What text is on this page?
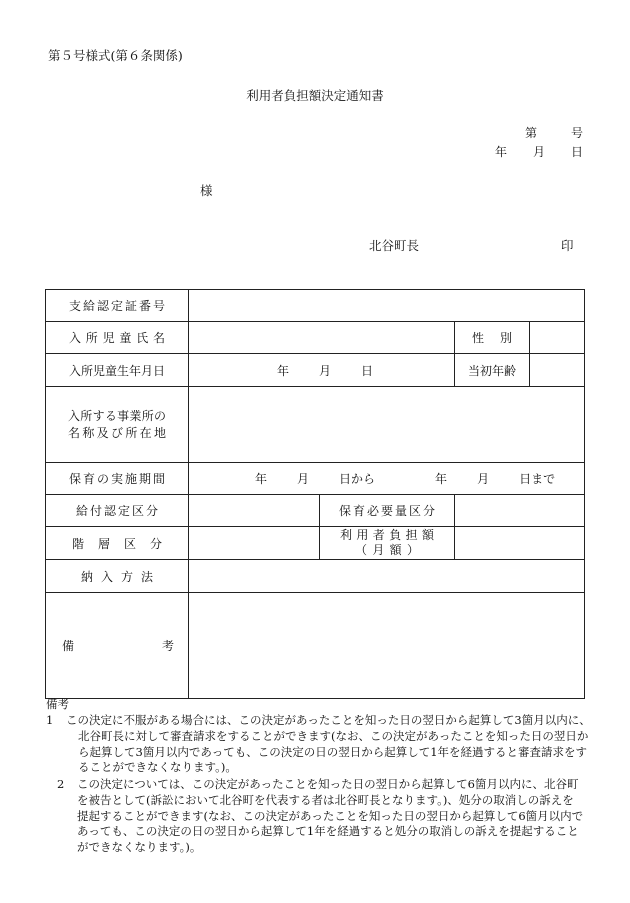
第５号様式(第６条関係)
利用者負担額決定通知書
第	号
年 月 日
様
北谷町長	印
支給認定証番号				
入所児童氏名			性　別	
入所児童生年月日	年 月 日		当初年齢	

入所する事業所の
名称及び所在地				

保育の実施期間	年 月 日から 年 月 日まで			
給付認定区分		保育必要量区分		
階層区分		利用者負担額
（月額）		

納入方法				

備 考				

備考
1 この決定に不服がある場合には、この決定があったことを知った日の翌日から起算して3箇月以内に、北谷町長に対して審査請求をすることができます(なお、この決定があったことを知った日の翌日から起算して3箇月以内であっても、この決定の日の翌日から起算して1年を経過すると審査請求をすることができなくなります。)。
2 この決定については、この決定があったことを知った日の翌日から起算して6箇月以内に、北谷町を被告として(訴訟において北谷町を代表する者は北谷町長となります。)、処分の取消しの訴えを提起することができます(なお、この決定があったことを知った日の翌日から起算して6箇月以内であっても、この決定の日の翌日から起算して1年を経過すると処分の取消しの訴えを提起することができなくなります。)。
